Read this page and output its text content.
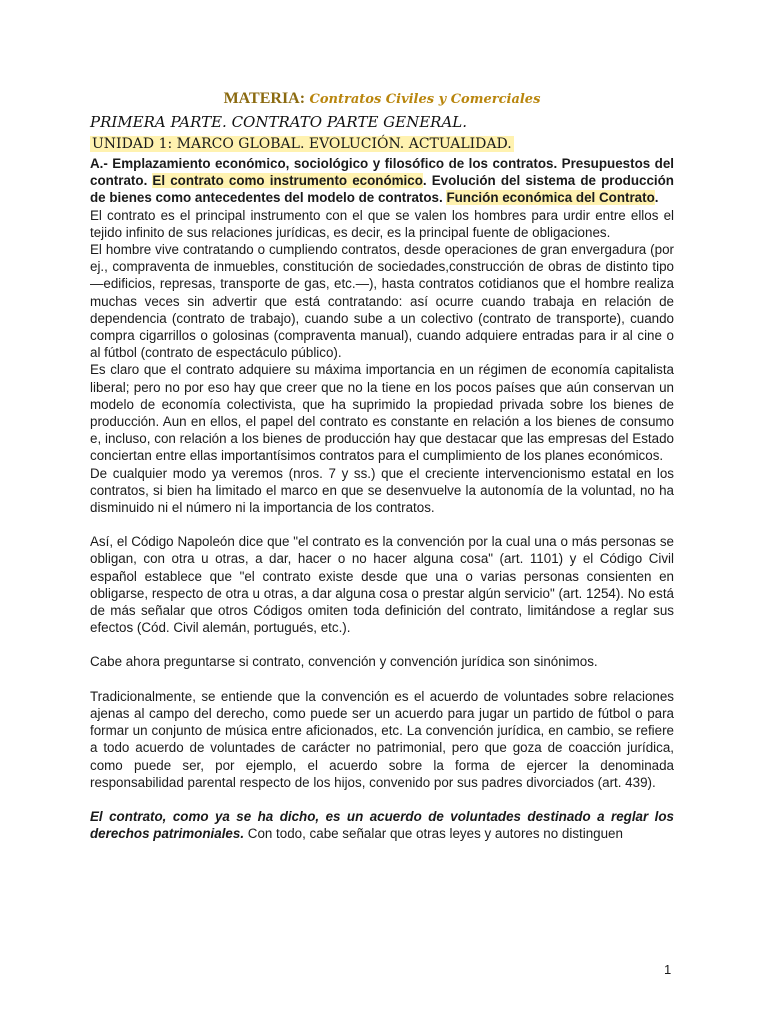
MATERIA: Contratos Civiles y Comerciales
PRIMERA PARTE. CONTRATO PARTE GENERAL.
UNIDAD 1: MARCO GLOBAL. EVOLUCIÓN. ACTUALIDAD.

A.- Emplazamiento económico, sociológico y filosófico de los contratos. Presupuestos del contrato. El contrato como instrumento económico. Evolución del sistema de producción de bienes como antecedentes del modelo de contratos. Función económica del Contrato.

El contrato es el principal instrumento con el que se valen los hombres para urdir entre ellos el tejido infinito de sus relaciones jurídicas, es decir, es la principal fuente de obligaciones.

El hombre vive contratando o cumpliendo contratos, desde operaciones de gran envergadura (por ej., compraventa de inmuebles, constitución de sociedades,construcción de obras de distinto tipo —edificios, represas, transporte de gas, etc.—), hasta contratos cotidianos que el hombre realiza muchas veces sin advertir que está contratando: así ocurre cuando trabaja en relación de dependencia (contrato de trabajo), cuando sube a un colectivo (contrato de transporte), cuando compra cigarrillos o golosinas (compraventa manual), cuando adquiere entradas para ir al cine o al fútbol (contrato de espectáculo público).

Es claro que el contrato adquiere su máxima importancia en un régimen de economía capitalista liberal; pero no por eso hay que creer que no la tiene en los pocos países que aún conservan un modelo de economía colectivista, que ha suprimido la propiedad privada sobre los bienes de producción. Aun en ellos, el papel del contrato es constante en relación a los bienes de consumo e, incluso, con relación a los bienes de producción hay que destacar que las empresas del Estado conciertan entre ellas importantísimos contratos para el cumplimiento de los planes económicos.

De cualquier modo ya veremos (nros. 7 y ss.) que el creciente intervencionismo estatal en los contratos, si bien ha limitado el marco en que se desenvuelve la autonomía de la voluntad, no ha disminuido ni el número ni la importancia de los contratos.

Así, el Código Napoleón dice que "el contrato es la convención por la cual una o más personas se obligan, con otra u otras, a dar, hacer o no hacer alguna cosa" (art. 1101) y el Código Civil español establece que "el contrato existe desde que una o varias personas consienten en obligarse, respecto de otra u otras, a dar alguna cosa o prestar algún servicio" (art. 1254). No está de más señalar que otros Códigos omiten toda definición del contrato, limitándose a reglar sus efectos (Cód. Civil alemán, portugués, etc.).

Cabe ahora preguntarse si contrato, convención y convención jurídica son sinónimos.

Tradicionalmente, se entiende que la convención es el acuerdo de voluntades sobre relaciones ajenas al campo del derecho, como puede ser un acuerdo para jugar un partido de fútbol o para formar un conjunto de música entre aficionados, etc. La convención jurídica, en cambio, se refiere a todo acuerdo de voluntades de carácter no patrimonial, pero que goza de coacción jurídica, como puede ser, por ejemplo, el acuerdo sobre la forma de ejercer la denominada responsabilidad parental respecto de los hijos, convenido por sus padres divorciados (art. 439).

El contrato, como ya se ha dicho, es un acuerdo de voluntades destinado a reglar los derechos patrimoniales. Con todo, cabe señalar que otras leyes y autores no distinguen

1
